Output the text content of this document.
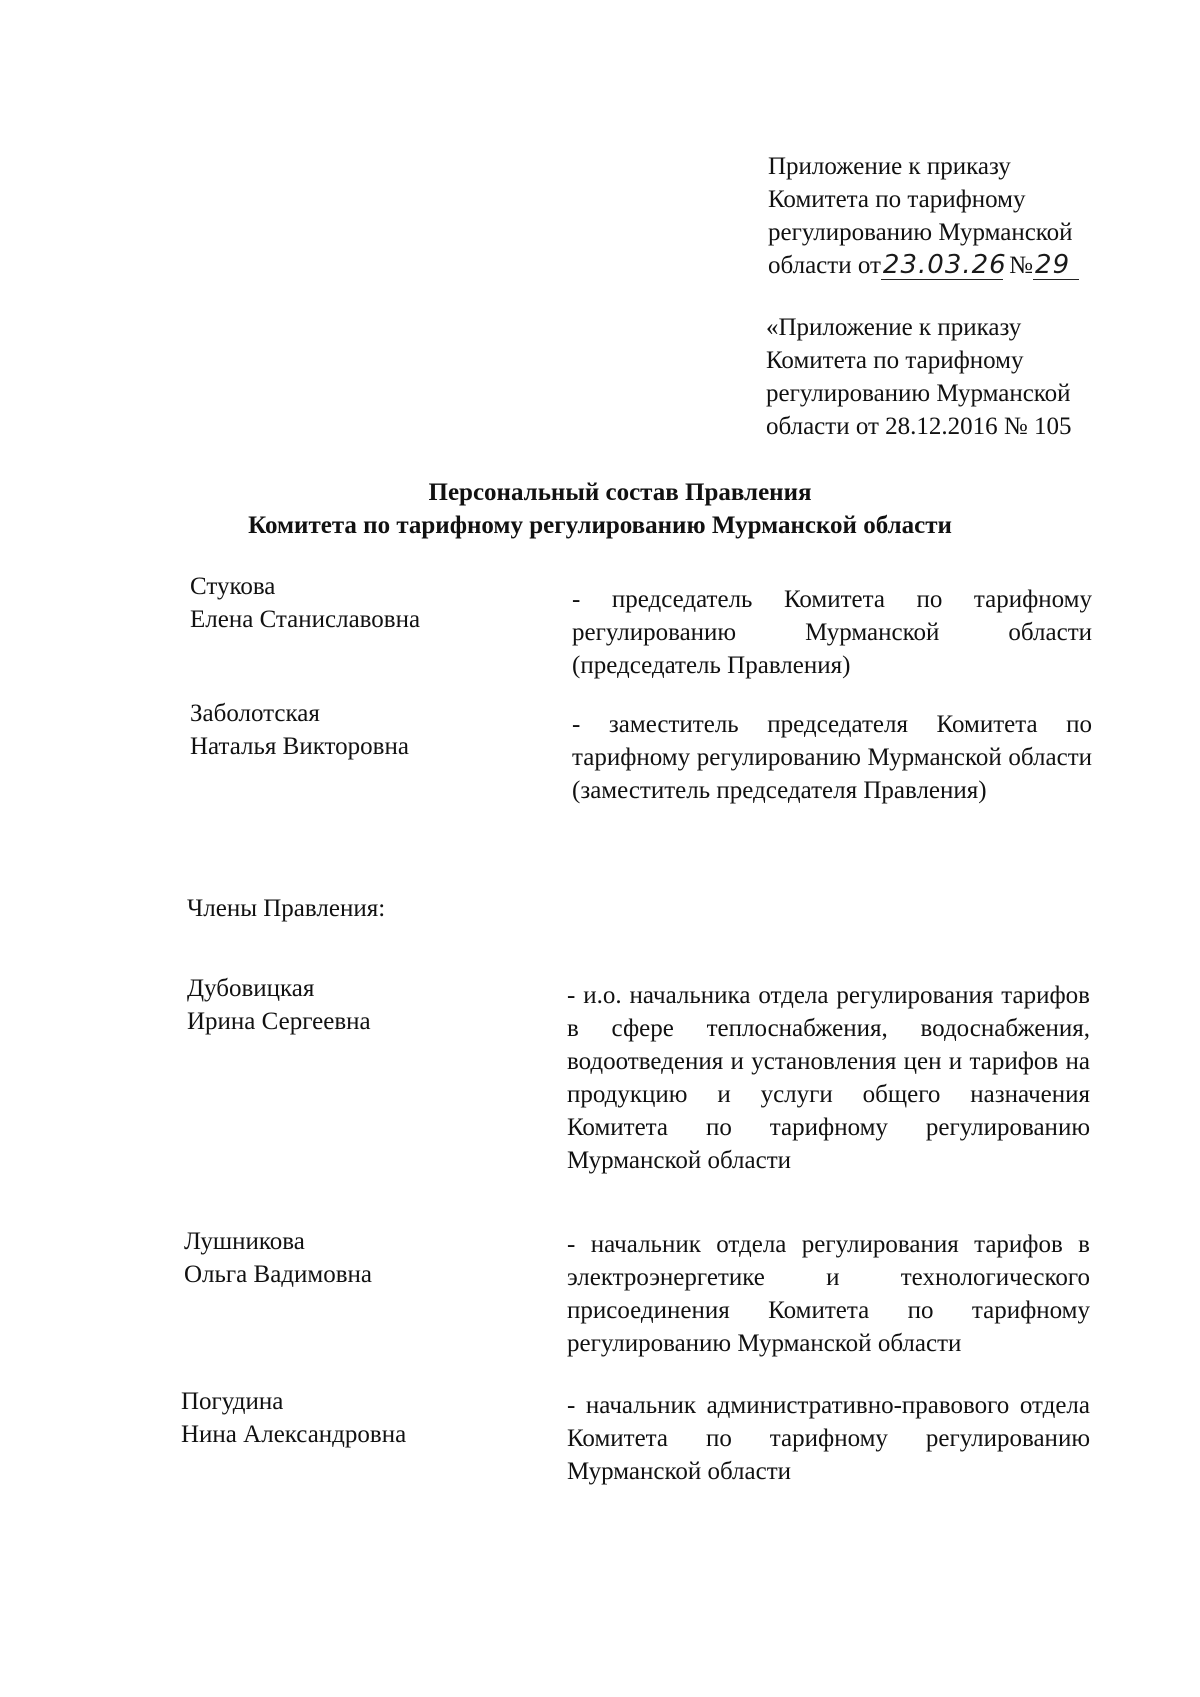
Приложение к приказу
Комитета по тарифному
регулированию Мурманской
области от23.03.26 №29
«Приложение к приказу
Комитета по тарифному
регулированию Мурманской
области от 28.12.2016 № 105
Персональный состав Правления
Комитета по тарифному регулированию Мурманской области
Стукова
Елена Станиславовна

- председатель Комитета по тарифному регулированию Мурманской области (председатель Правления)

Заболотская
Наталья Викторовна

- заместитель председателя Комитета по тарифному регулированию Мурманской области (заместитель председателя Правления)

Члены Правления:
Дубовицкая
Ирина Сергеевна

- и.о. начальника отдела регулирования тарифов в сфере теплоснабжения, водоснабжения, водоотведения и установления цен и тарифов на продукцию и услуги общего назначения Комитета по тарифному регулированию Мурманской области

Лушникова
Ольга Вадимовна

- начальник отдела регулирования тарифов в электроэнергетике и технологического присоединения Комитета по тарифному регулированию Мурманской области

Погудина
Нина Александровна

- начальник административно-правового отдела Комитета по тарифному регулированию Мурманской области
